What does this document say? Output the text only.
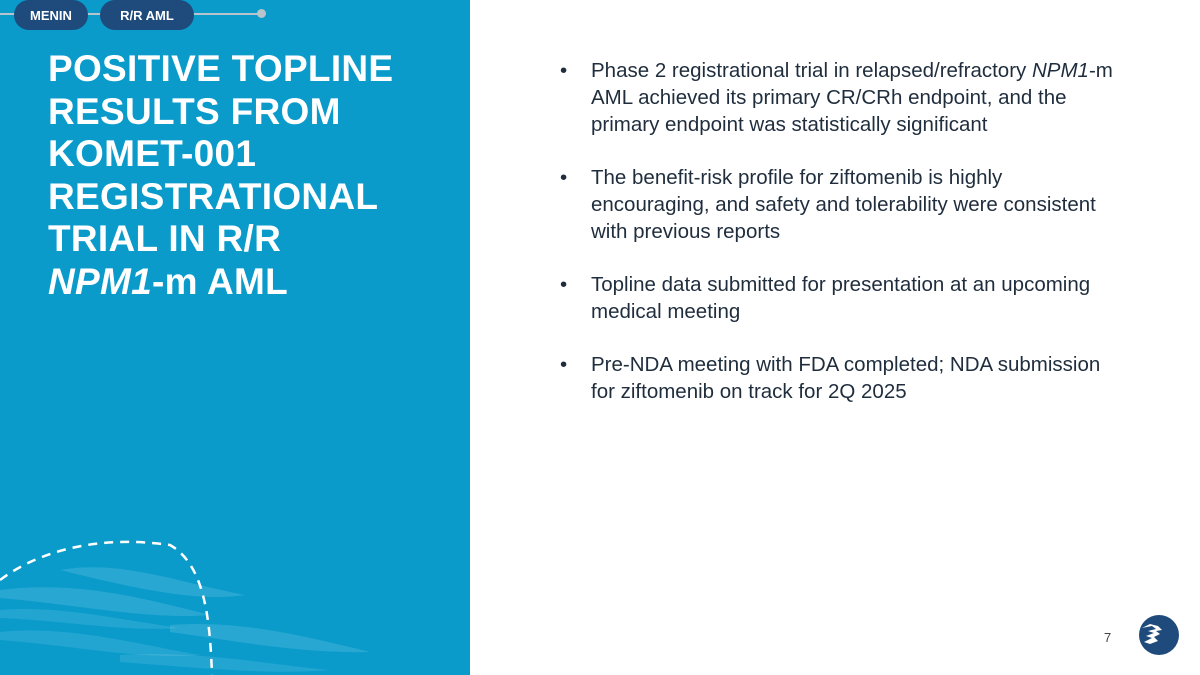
MENIN	R/R AML
POSITIVE TOPLINE
RESULTS FROM
KOMET-001
REGISTRATIONAL
TRIAL IN R/R
NPM1-m AML
• Phase 2 registrational trial in relapsed/refractory NPM1-m AML achieved its primary CR/CRh endpoint, and the primary endpoint was statistically significant
• The benefit-risk profile for ziftomenib is highly encouraging, and safety and tolerability were consistent with previous reports
• Topline data submitted for presentation at an upcoming medical meeting
• Pre-NDA meeting with FDA completed; NDA submission for ziftomenib on track for 2Q 2025
7
